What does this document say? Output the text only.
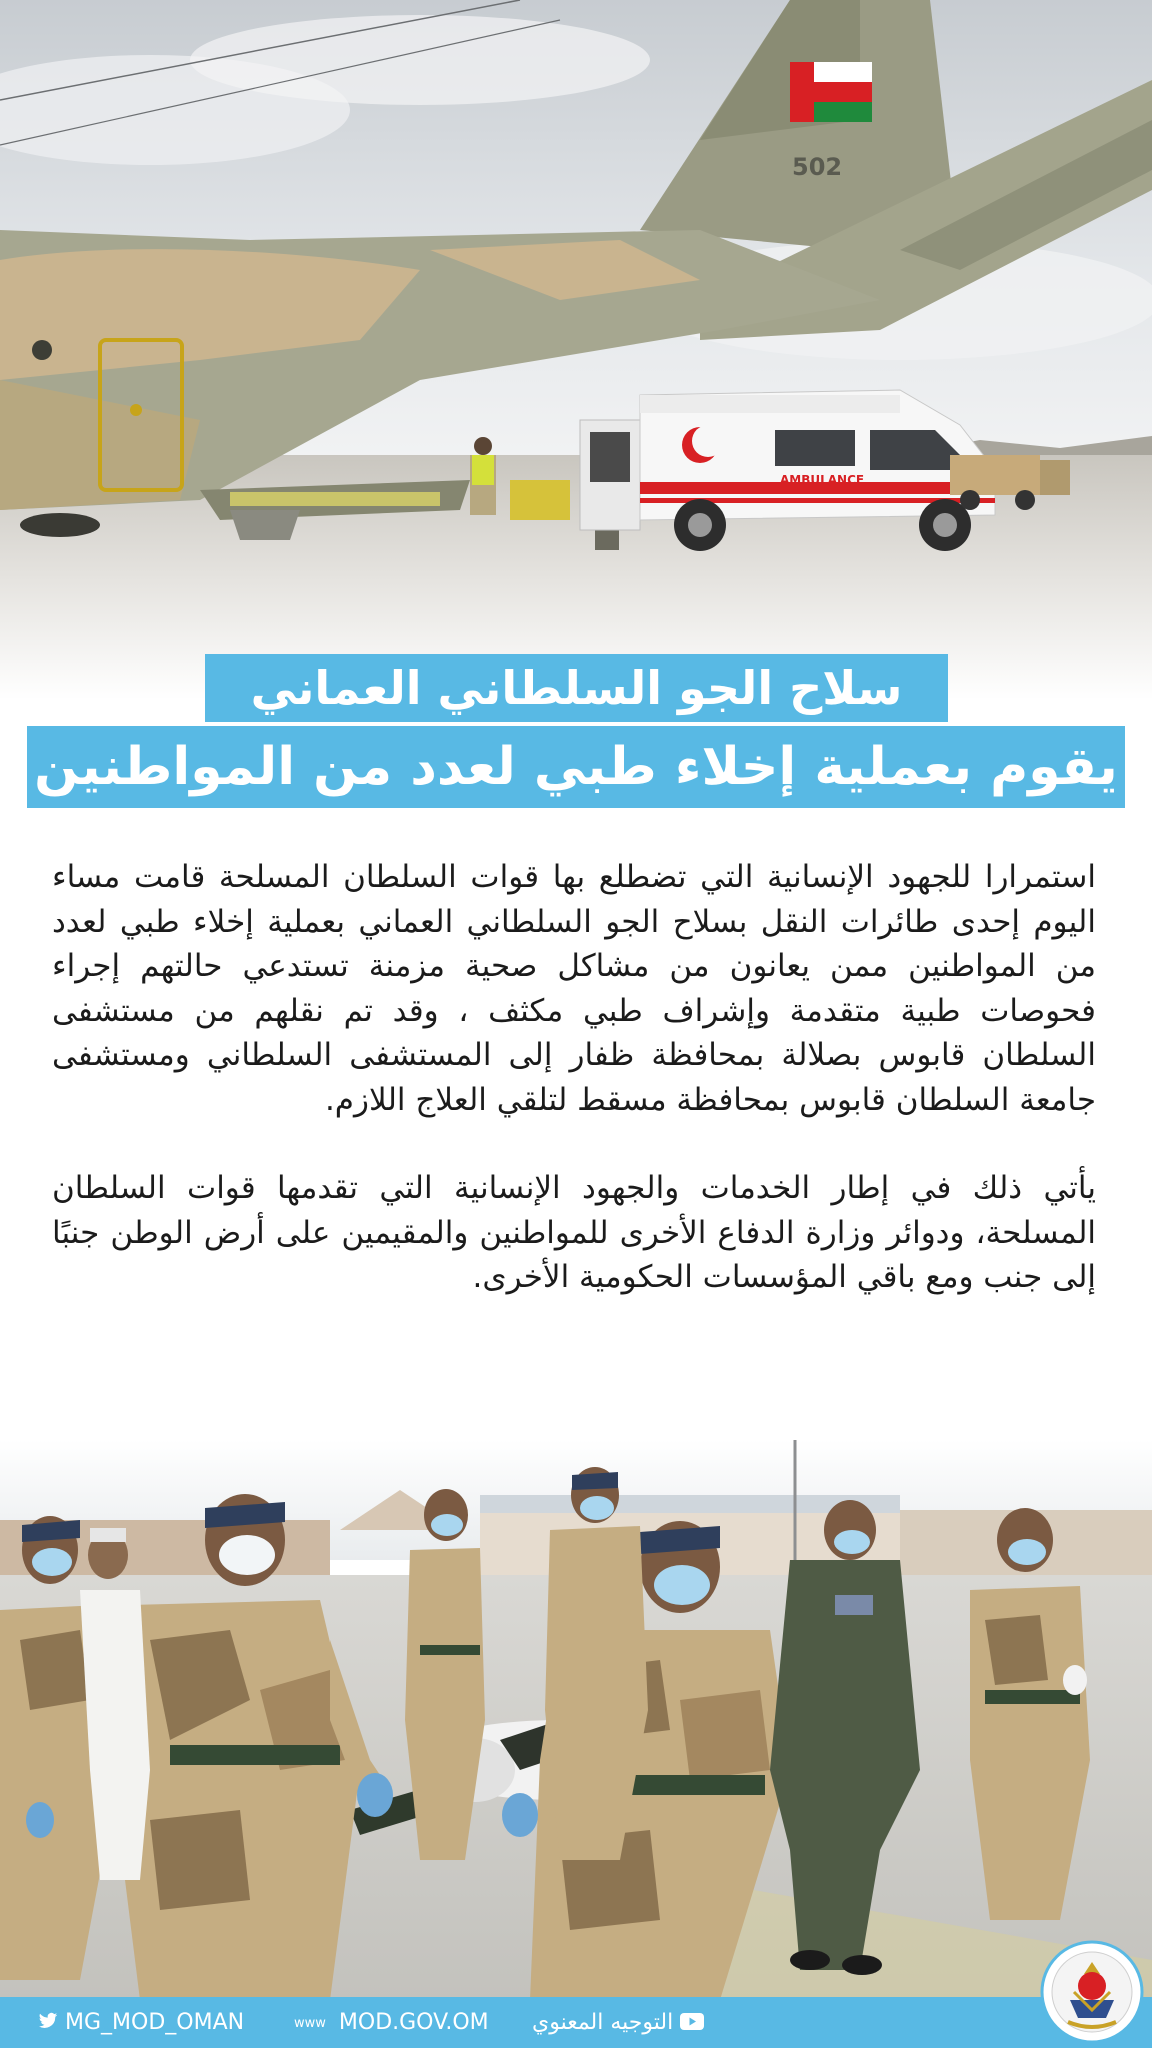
502
AMBULANCE
سلاح الجو السلطاني العماني
يقوم بعملية إخلاء طبي لعدد من المواطنين

استمرارا للجهود الإنسانية التي تضطلع بها قوات السلطان المسلحة قامت مساء اليوم إحدى طائرات النقل بسلاح الجو السلطاني العماني بعملية إخلاء طبي لعدد من المواطنين ممن يعانون من مشاكل صحية مزمنة تستدعي حالتهم إجراء فحوصات طبية متقدمة وإشراف طبي مكثف ، وقد تم نقلهم من مستشفى السلطان قابوس بصلالة بمحافظة ظفار إلى المستشفى السلطاني ومستشفى جامعة السلطان قابوس بمحافظة مسقط لتلقي العلاج اللازم.

يأتي ذلك في إطار الخدمات والجهود الإنسانية التي تقدمها قوات السلطان المسلحة، ودوائر وزارة الدفاع الأخرى للمواطنين والمقيمين على أرض الوطن جنبًا إلى جنب ومع باقي المؤسسات الحكومية الأخرى.

MG_MOD_OMAN	www MOD.GOV.OM التوجيه المعنوي
